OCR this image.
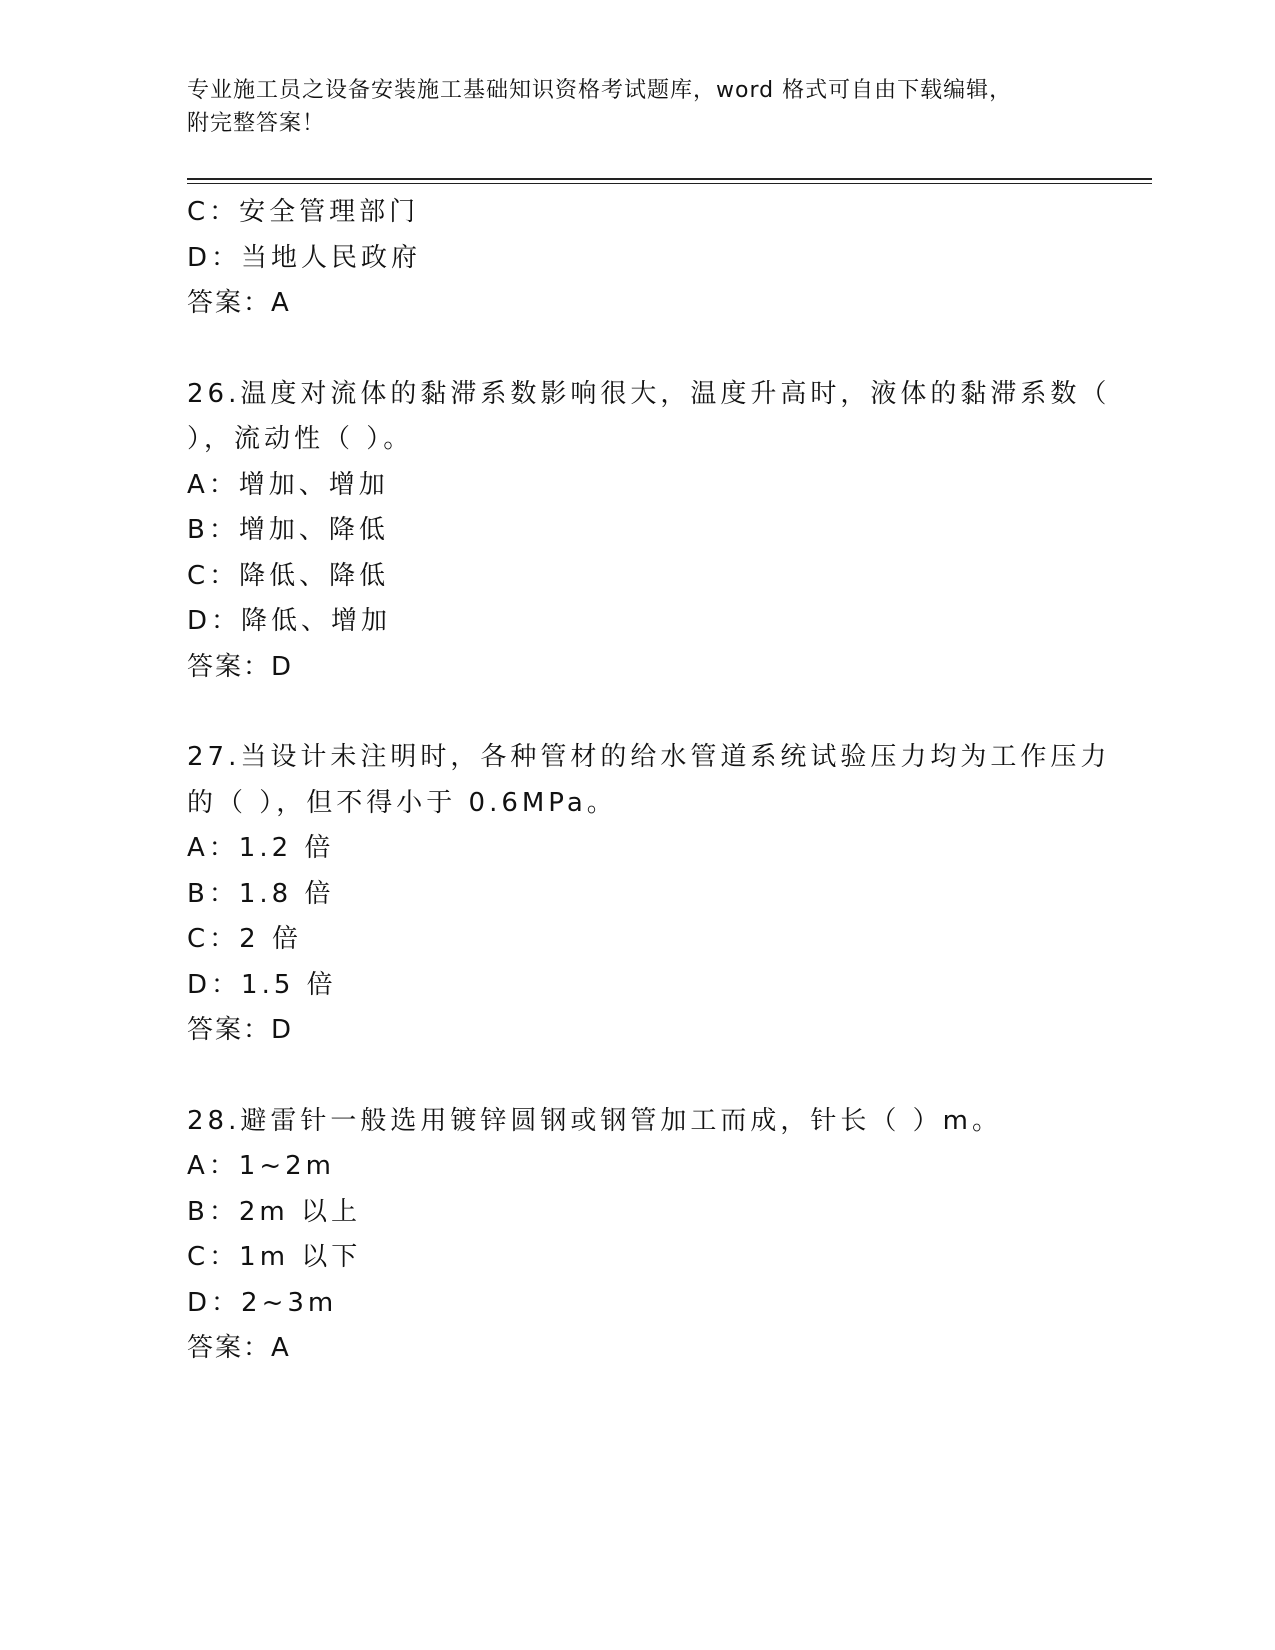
专业施工员之设备安装施工基础知识资格考试题库，word 格式可自由下载编辑，
附完整答案！
C：安全管理部门
D：当地人民政府
答案：A
26.温度对流体的黏滞系数影响很大，温度升高时，液体的黏滞系数（
），流动性（ ）。
A：增加、增加
B：增加、降低
C：降低、降低
D：降低、增加
答案：D
27.当设计未注明时，各种管材的给水管道系统试验压力均为工作压力
的（ ），但不得小于 0.6MPa。
A：1.2 倍
B：1.8 倍
C：2 倍
D：1.5 倍
答案：D
28.避雷针一般选用镀锌圆钢或钢管加工而成，针长（ ）m。
A：1~2m
B：2m 以上
C：1m 以下
D：2~3m
答案：A
